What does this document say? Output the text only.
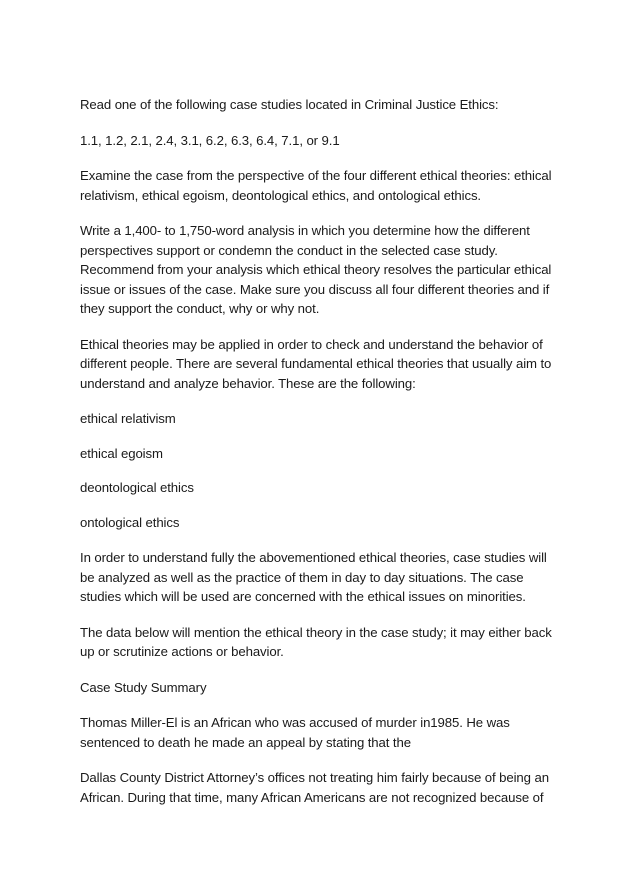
Read one of the following case studies located in Criminal Justice Ethics:

1.1, 1.2, 2.1, 2.4, 3.1, 6.2, 6.3, 6.4, 7.1, or 9.1

Examine the case from the perspective of the four different ethical theories: ethical
relativism, ethical egoism, deontological ethics, and ontological ethics.

Write a 1,400- to 1,750-word analysis in which you determine how the different
perspectives support or condemn the conduct in the selected case study.
Recommend from your analysis which ethical theory resolves the particular ethical
issue or issues of the case. Make sure you discuss all four different theories and if
they support the conduct, why or why not.

Ethical theories may be applied in order to check and understand the behavior of
different people. There are several fundamental ethical theories that usually aim to
understand and analyze behavior. These are the following:

ethical relativism

ethical egoism

deontological ethics

ontological ethics

In order to understand fully the abovementioned ethical theories, case studies will
be analyzed as well as the practice of them in day to day situations. The case
studies which will be used are concerned with the ethical issues on minorities.

The data below will mention the ethical theory in the case study; it may either back
up or scrutinize actions or behavior.

Case Study Summary

Thomas Miller-El is an African who was accused of murder in1985. He was
sentenced to death he made an appeal by stating that the

Dallas County District Attorney’s offices not treating him fairly because of being an
African. During that time, many African Americans are not recognized because of
